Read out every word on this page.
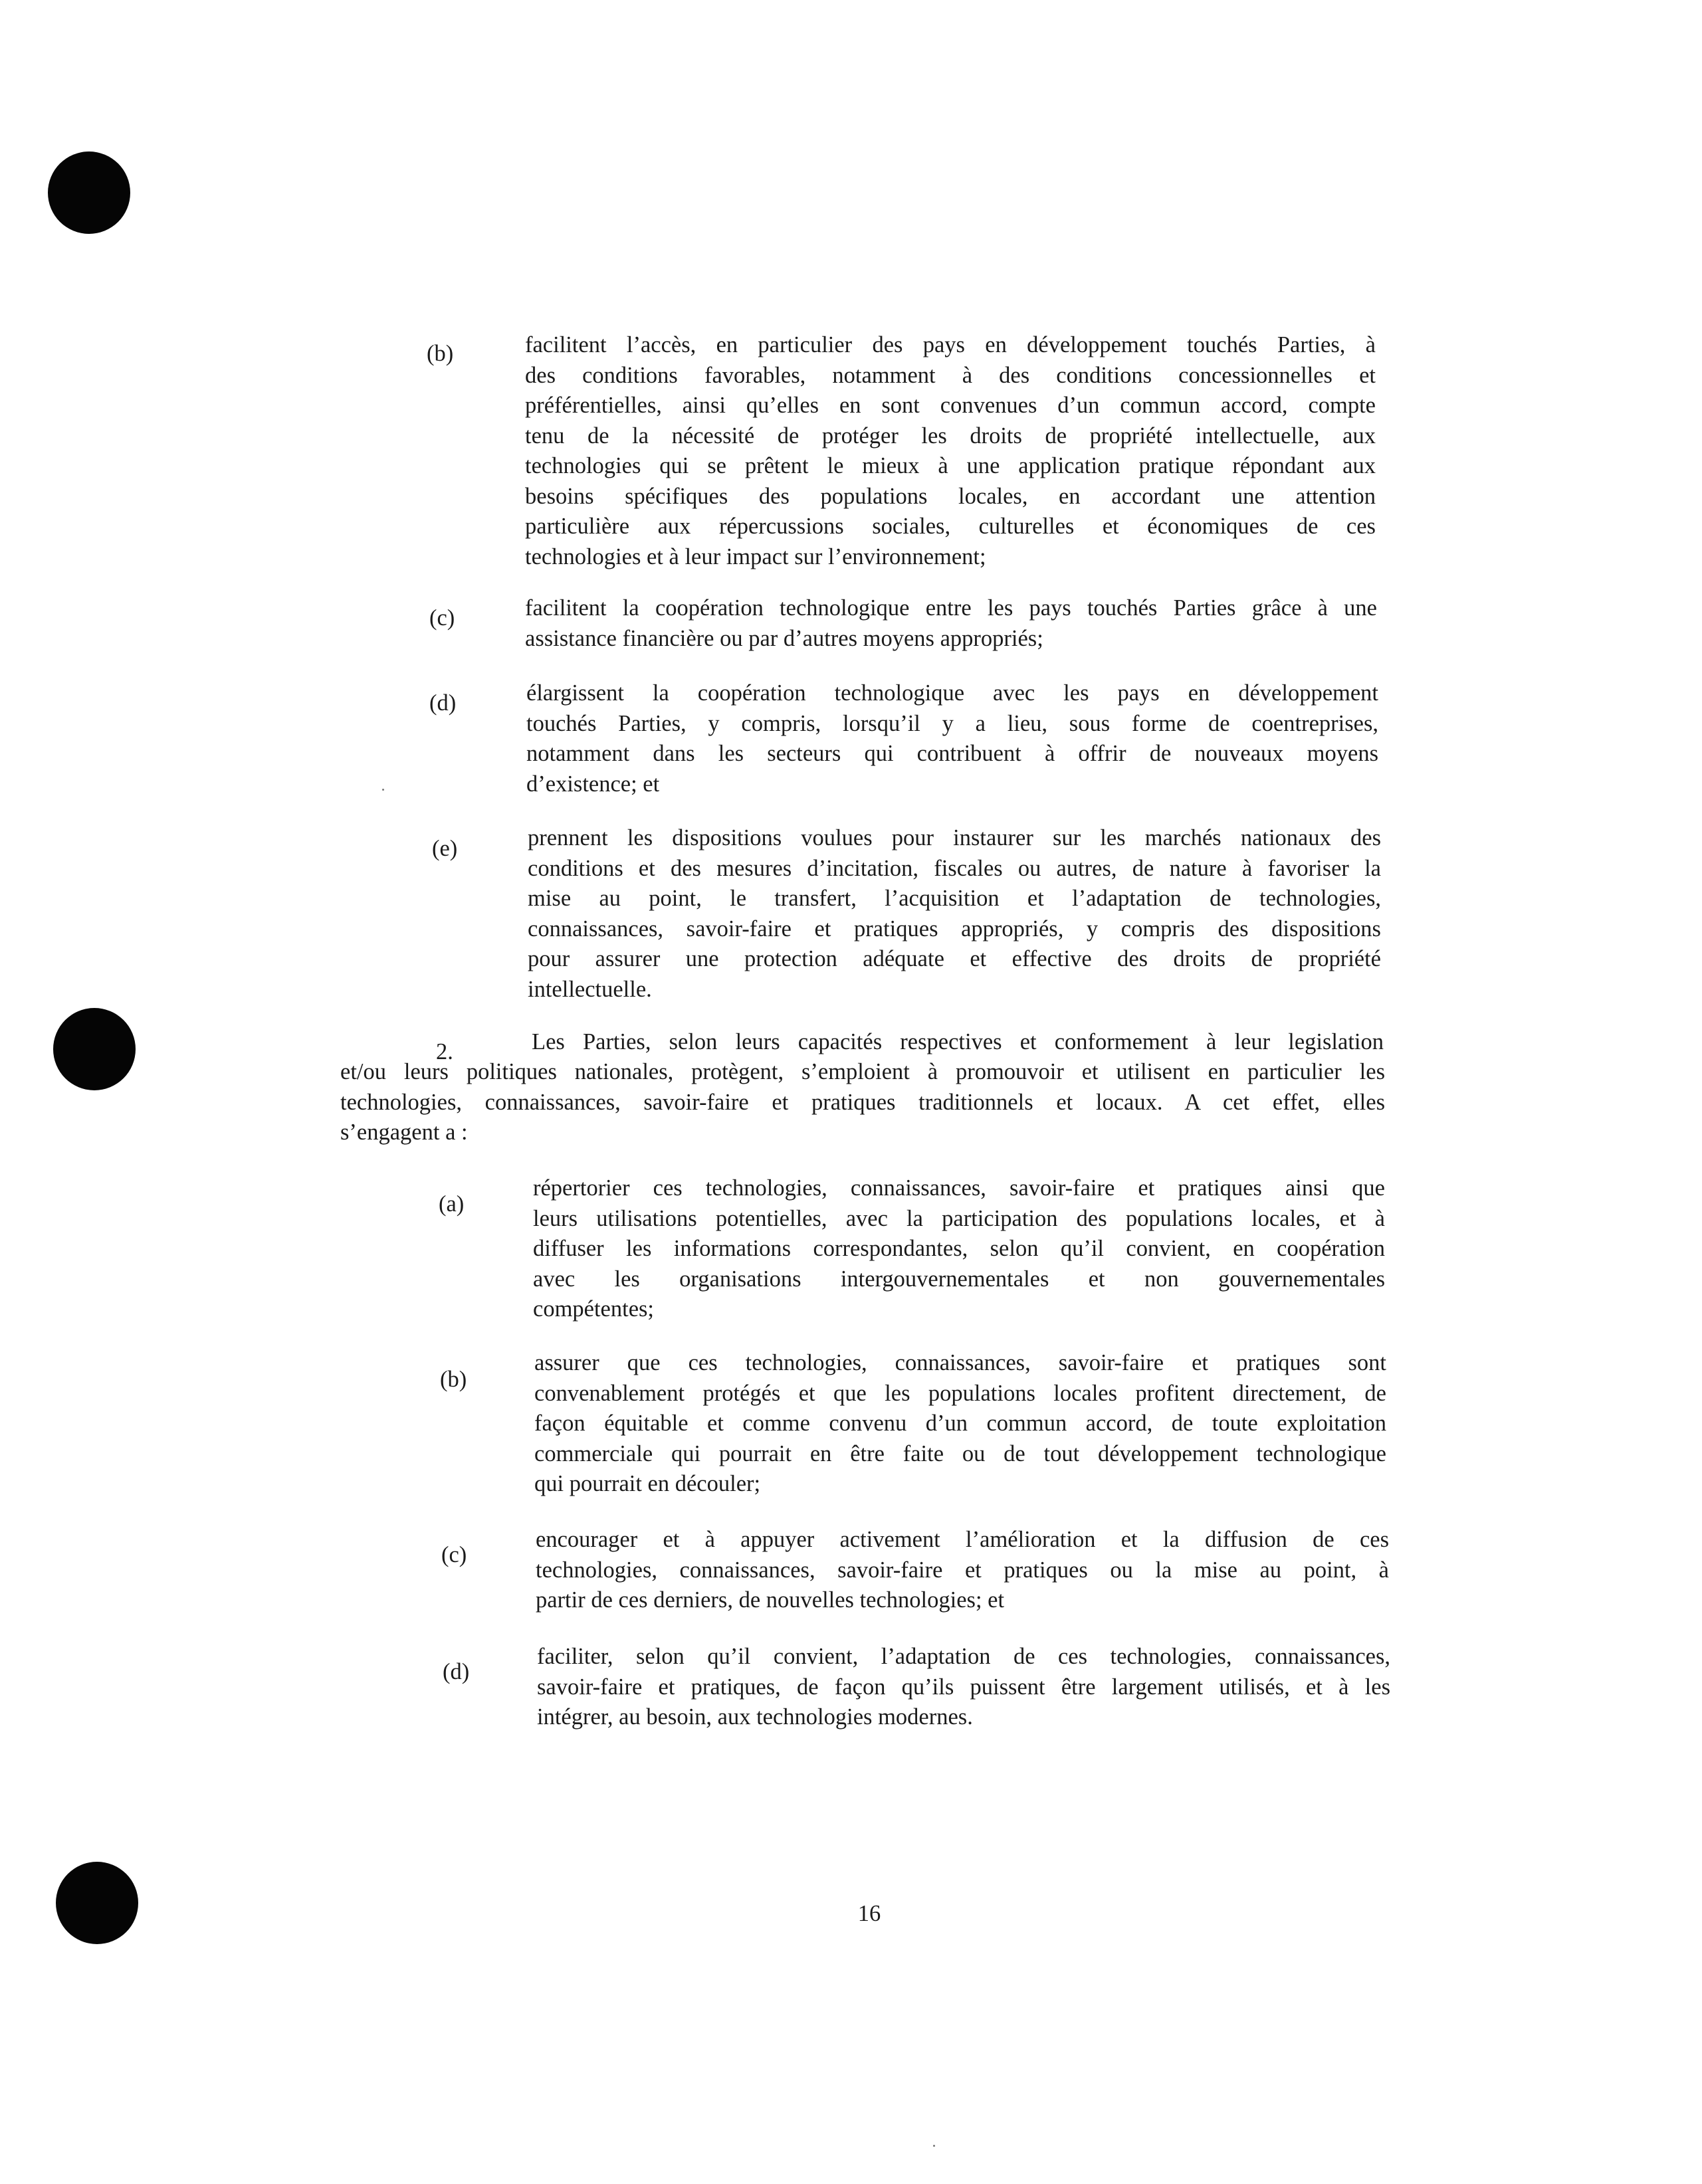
(b)	facilitent l’accès, en particulier des pays en développement touchés Parties, à
des conditions favorables, notamment à des conditions concessionnelles et
préférentielles, ainsi qu’elles en sont convenues d’un commun accord, compte
tenu de la nécessité de protéger les droits de propriété intellectuelle, aux
technologies qui se prêtent le mieux à une application pratique répondant aux
besoins spécifiques des populations locales, en accordant une attention
particulière aux répercussions sociales, culturelles et économiques de ces
technologies et à leur impact sur l’environnement;
(c)	facilitent la coopération technologique entre les pays touchés Parties grâce à une
assistance financière ou par d’autres moyens appropriés;
(d)	élargissent la coopération technologique avec les pays en développement
touchés Parties, y compris, lorsqu’il y a lieu, sous forme de coentreprises,
notamment dans les secteurs qui contribuent à offrir de nouveaux moyens
d’existence; et
(e)	prennent les dispositions voulues pour instaurer sur les marchés nationaux des
conditions et des mesures d’incitation, fiscales ou autres, de nature à favoriser la
mise au point, le transfert, l’acquisition et l’adaptation de technologies,
connaissances, savoir-faire et pratiques appropriés, y compris des dispositions
pour assurer une protection adéquate et effective des droits de propriété
intellectuelle.
2.	Les Parties, selon leurs capacités respectives et conformement à leur legislation
et/ou leurs politiques nationales, protègent, s’emploient à promouvoir et utilisent en particulier les
technologies, connaissances, savoir-faire et pratiques traditionnels et locaux. A cet effet, elles
s’engagent a :
(a)
répertorier ces technologies, connaissances, savoir-faire et pratiques ainsi que
leurs utilisations potentielles, avec la participation des populations locales, et à
diffuser les informations correspondantes, selon qu’il convient, en coopération
avec les organisations intergouvernementales et non gouvernementales
compétentes;
(b)
assurer que ces technologies, connaissances, savoir-faire et pratiques sont
convenablement protégés et que les populations locales profitent directement, de
façon équitable et comme convenu d’un commun accord, de toute exploitation
commerciale qui pourrait en être faite ou de tout développement technologique
qui pourrait en découler;
(c)
encourager et à appuyer activement l’amélioration et la diffusion de ces
technologies, connaissances, savoir-faire et pratiques ou la mise au point, à
partir de ces derniers, de nouvelles technologies; et
(d)
faciliter, selon qu’il convient, l’adaptation de ces technologies, connaissances,
savoir-faire et pratiques, de façon qu’ils puissent être largement utilisés, et à les
intégrer, au besoin, aux technologies modernes.
16
